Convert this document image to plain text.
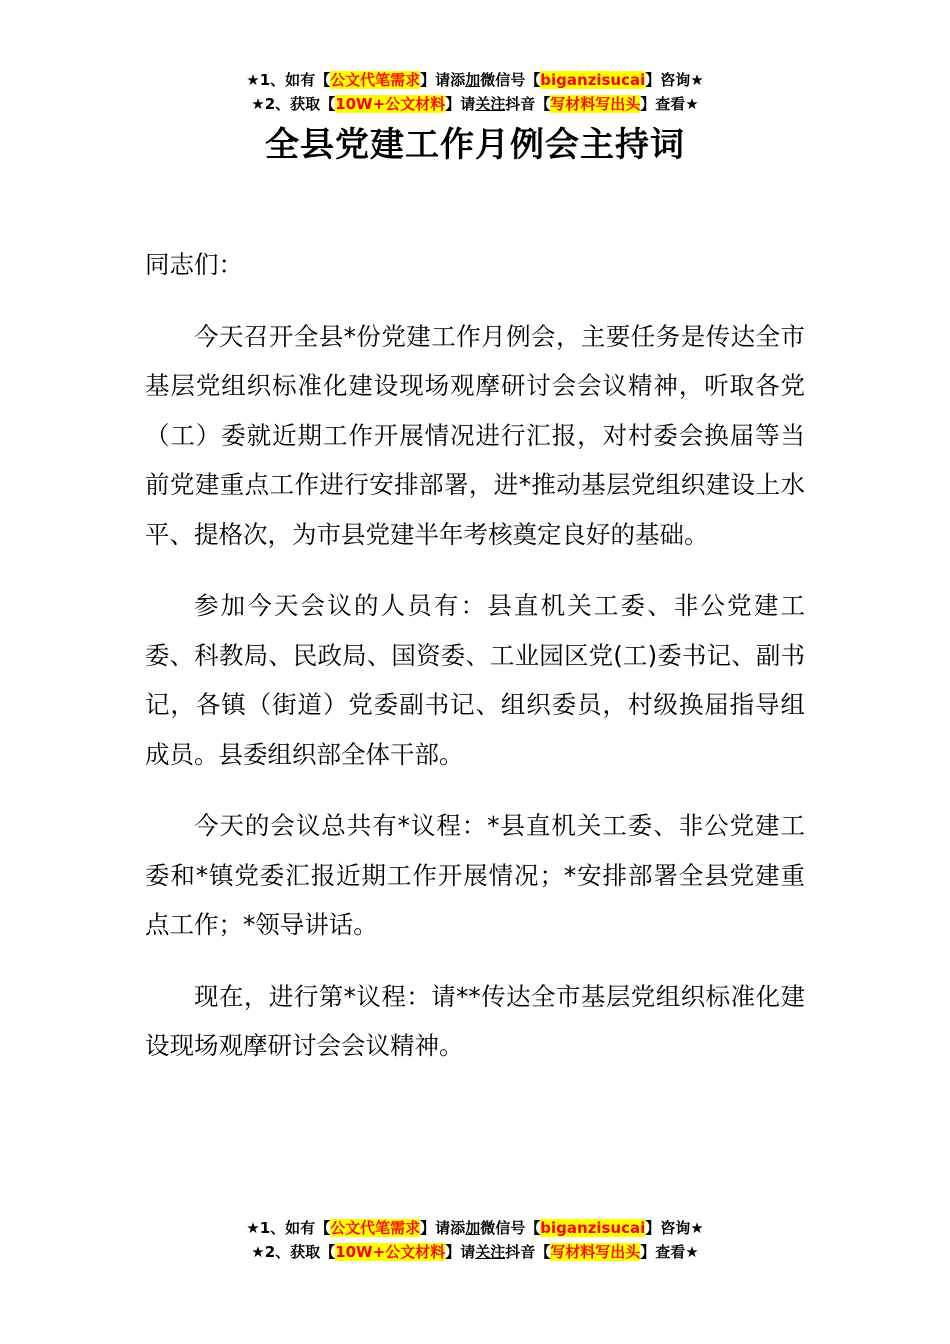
★1、如有【公文代笔需求】请添加微信号【biganzisucai】咨询★
★2、获取【10W+公文材料】请关注抖音【写材料写出头】查看★
全县党建工作月例会主持词

同志们：

今天召开全县*份党建工作月例会，主要任务是传达全市基层党组织标准化建设现场观摩研讨会会议精神，听取各党（工）委就近期工作开展情况进行汇报，对村委会换届等当前党建重点工作进行安排部署，进*推动基层党组织建设上水平、提格次，为市县党建半年考核奠定良好的基础。

参加今天会议的人员有：县直机关工委、非公党建工委、科教局、民政局、国资委、工业园区党(工)委书记、副书记，各镇（街道）党委副书记、组织委员，村级换届指导组成员。县委组织部全体干部。

今天的会议总共有*议程：*县直机关工委、非公党建工委和*镇党委汇报近期工作开展情况；*安排部署全县党建重点工作；*领导讲话。

现在，进行第*议程：请**传达全市基层党组织标准化建设现场观摩研讨会会议精神。

★1、如有【公文代笔需求】请添加微信号【biganzisucai】咨询★
★2、获取【10W+公文材料】请关注抖音【写材料写出头】查看★
